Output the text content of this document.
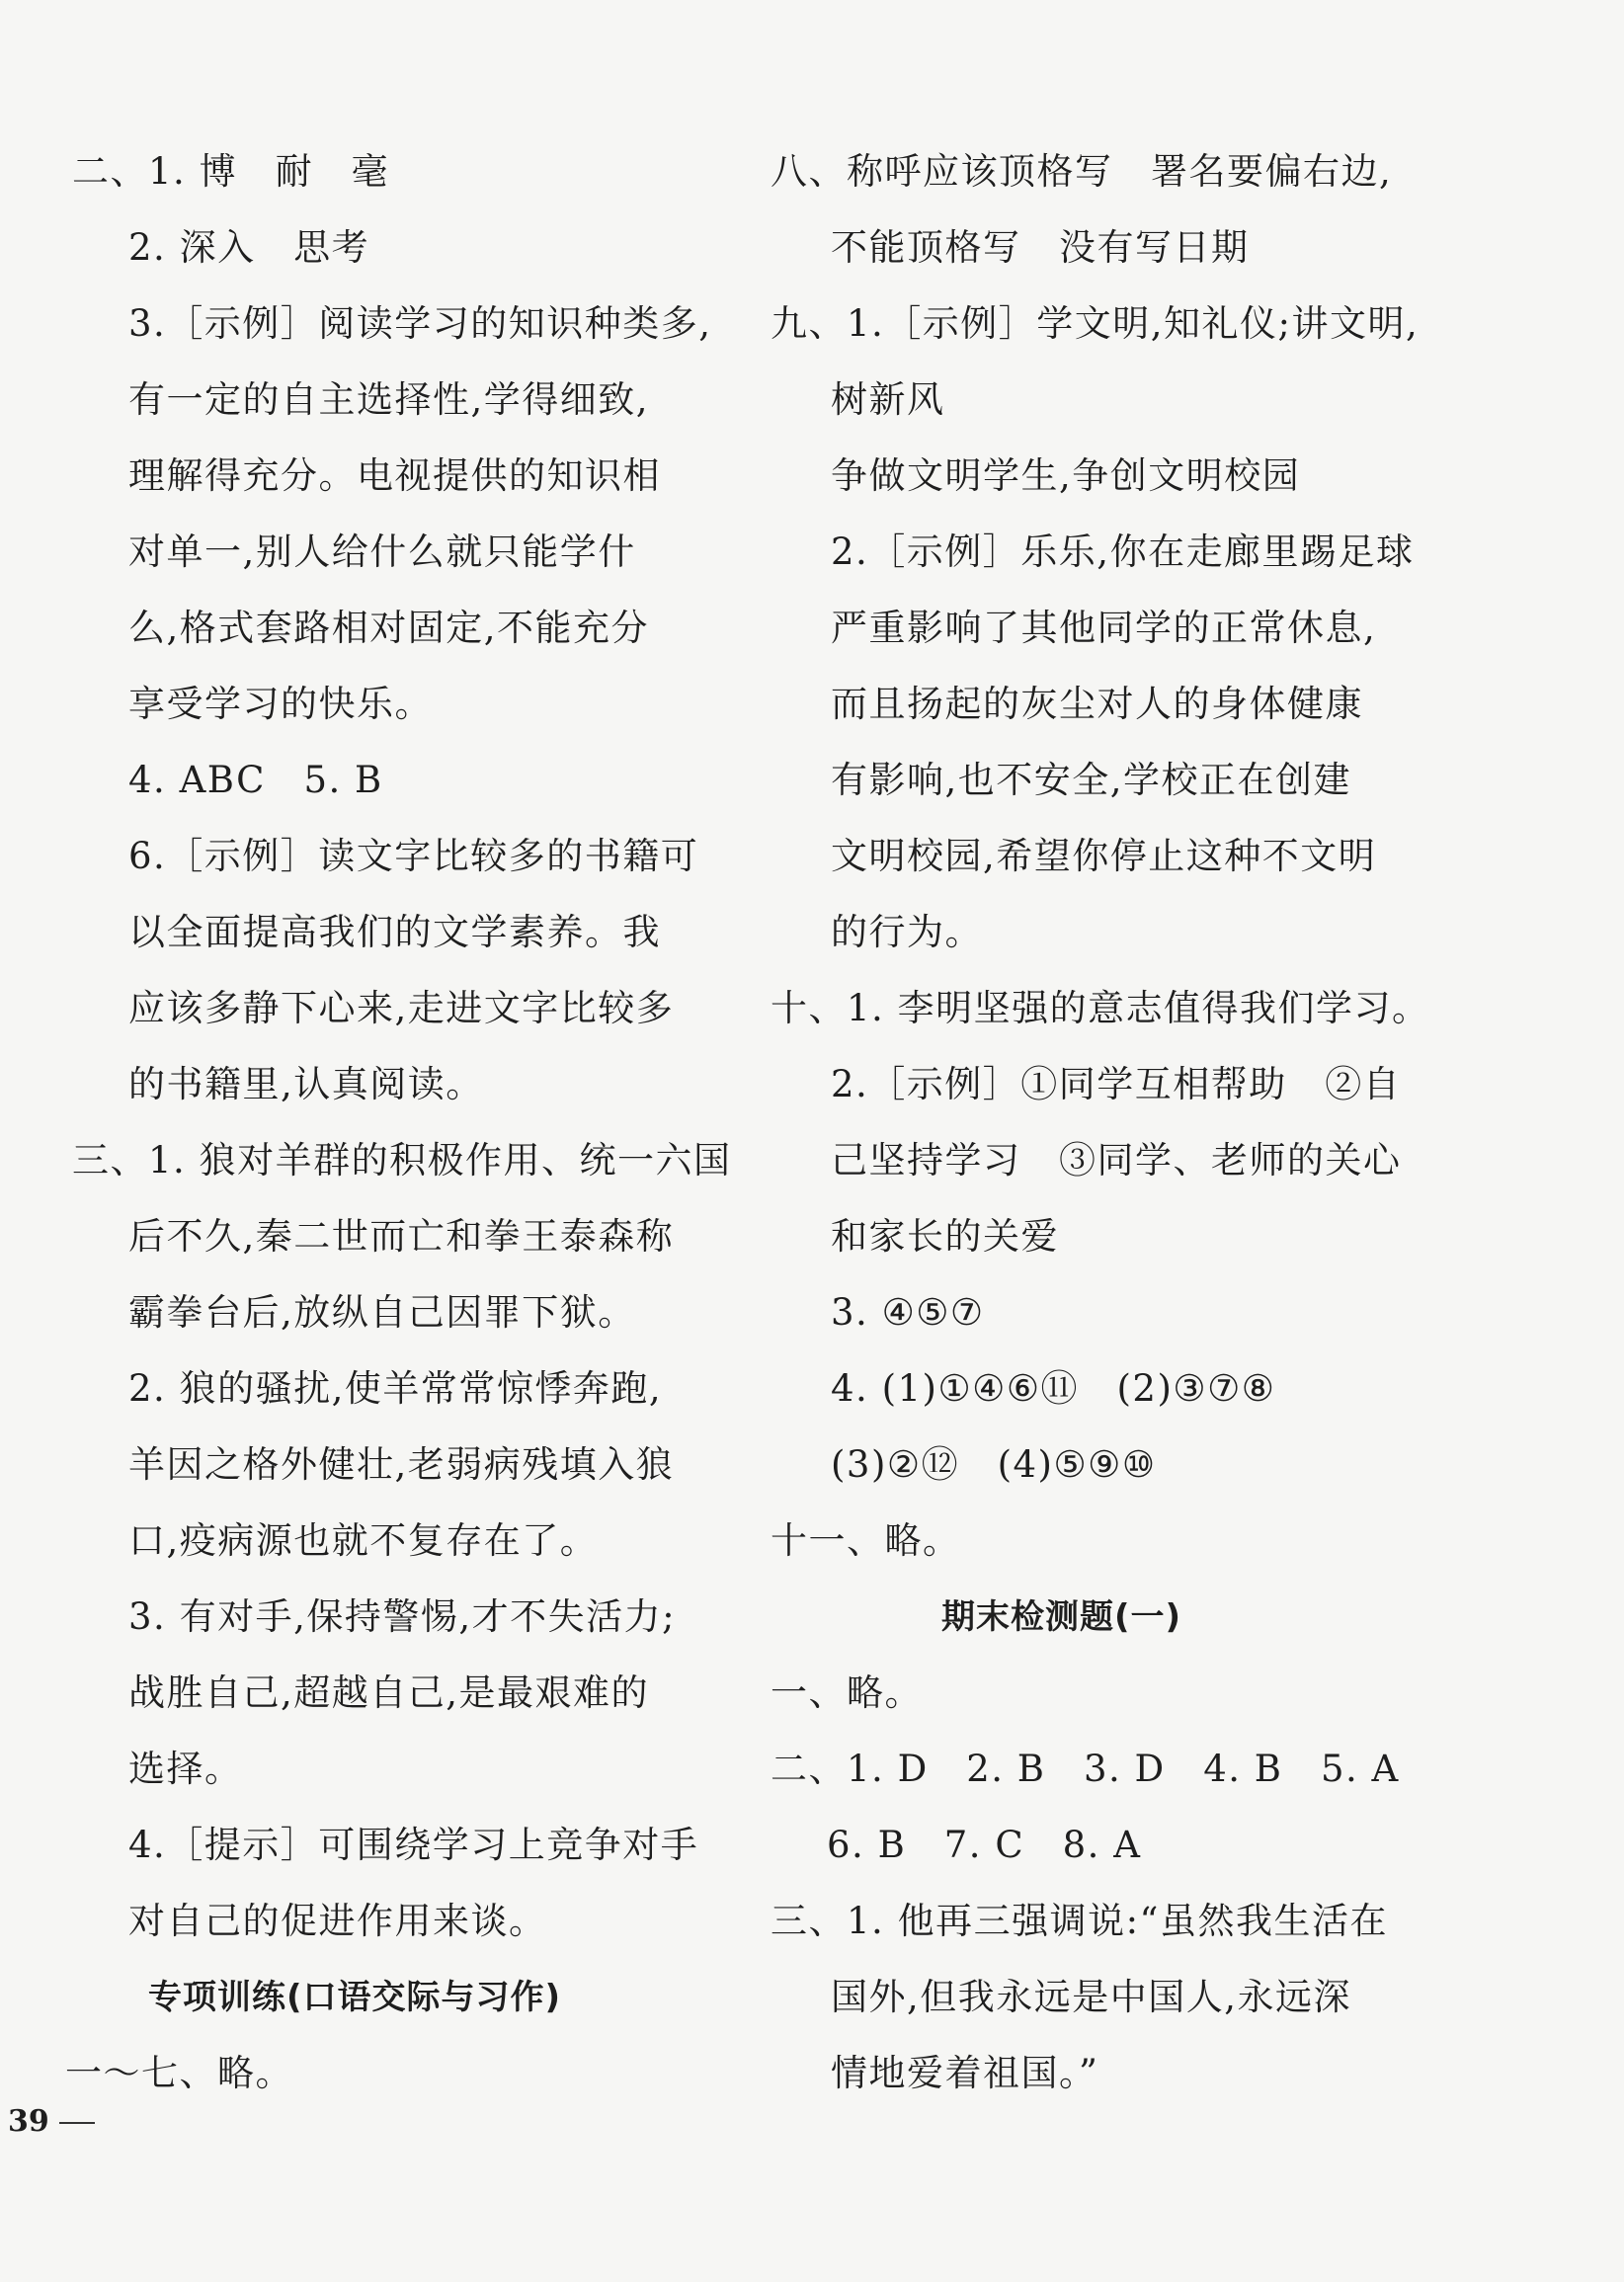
二、1. 博　耐　毫
2. 深入　思考
3.［示例］阅读学习的知识种类多,
有一定的自主选择性,学得细致,
理解得充分。电视提供的知识相
对单一,别人给什么就只能学什
么,格式套路相对固定,不能充分
享受学习的快乐。
4. ABC　5. B
6.［示例］读文字比较多的书籍可
以全面提高我们的文学素养。我
应该多静下心来,走进文字比较多
的书籍里,认真阅读。
三、1. 狼对羊群的积极作用、统一六国
后不久,秦二世而亡和拳王泰森称
霸拳台后,放纵自己因罪下狱。
2. 狼的骚扰,使羊常常惊悸奔跑,
羊因之格外健壮,老弱病残填入狼
口,疫病源也就不复存在了。
3. 有对手,保持警惕,才不失活力;
战胜自己,超越自己,是最艰难的
选择。
4.［提示］可围绕学习上竞争对手
对自己的促进作用来谈。
专项训练(口语交际与习作)
一～七、略。
八、称呼应该顶格写　署名要偏右边,
不能顶格写　没有写日期
九、1.［示例］学文明,知礼仪;讲文明,
树新风
争做文明学生,争创文明校园
2.［示例］乐乐,你在走廊里踢足球
严重影响了其他同学的正常休息,
而且扬起的灰尘对人的身体健康
有影响,也不安全,学校正在创建
文明校园,希望你停止这种不文明
的行为。
十、1. 李明坚强的意志值得我们学习。
2.［示例］①同学互相帮助　②自
己坚持学习　③同学、老师的关心
和家长的关爱
3. ④⑤⑦
4. (1)①④⑥⑪　(2)③⑦⑧
(3)②⑫　(4)⑤⑨⑩
十一、略。
期末检测题(一)
一、略。
二、1. D　2. B　3. D　4. B　5. A
6. B　7. C　8. A
三、1. 他再三强调说:“虽然我生活在
国外,但我永远是中国人,永远深
情地爱着祖国。”
39
